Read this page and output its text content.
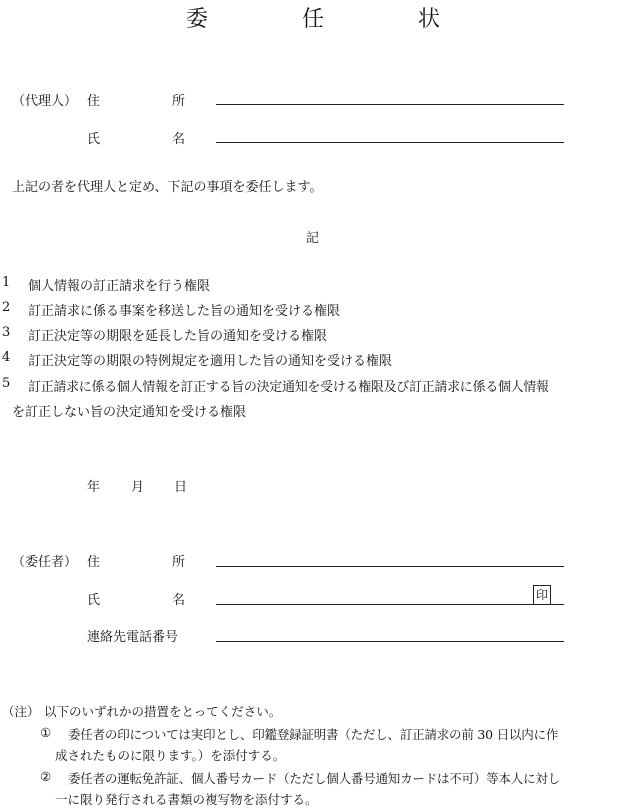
委　任　状
（代理人） 住	所
氏	名
上記の者を代理人と定め、下記の事項を委任します。
記
1 個人情報の訂正請求を行う権限
2 訂正請求に係る事案を移送した旨の通知を受ける権限
3 訂正決定等の期限を延長した旨の通知を受ける権限
4 訂正決定等の期限の特例規定を適用した旨の通知を受ける権限
5 訂正請求に係る個人情報を訂正する旨の決定通知を受ける権限及び訂正請求に係る個人情報
を訂正しない旨の決定通知を受ける権限
年 月 日
（委任者） 住	所
氏	名	印
連絡先電話番号
（注） 以下のいずれかの措置をとってください。
① 委任者の印については実印とし、印鑑登録証明書（ただし、訂正請求の前 30 日以内に作
成されたものに限ります。）を添付する。
② 委任者の運転免許証、個人番号カード（ただし個人番号通知カードは不可）等本人に対し
一に限り発行される書類の複写物を添付する。
